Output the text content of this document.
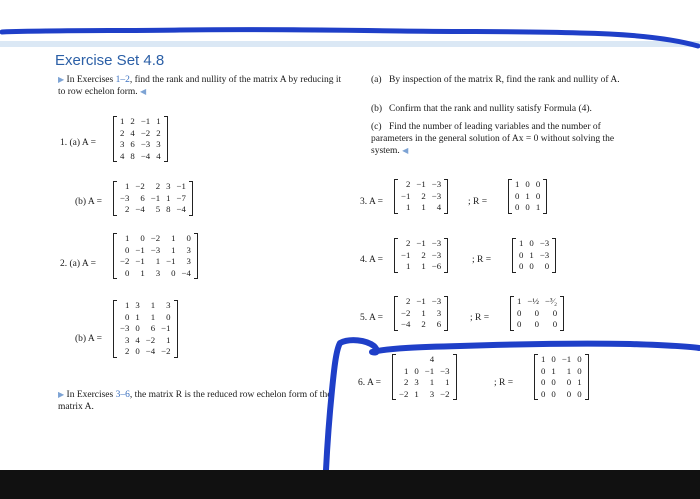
Exercise Set 4.8
▶ In Exercises 1–2, find the rank and nullity of the matrix A by reducing it to row echelon form. ◀
1. (a) A =
1	2	−1	1
2	4	−2	2
3	6	−3	3
4	8	−4	4
(b) A =
1	−2	2	3	−1
−3	6	−1	1	−7
2	−4	5	8	−4
2. (a) A =
1	0	−2	1	0
0	−1	−3	1	3
−2	−1	1	−1	3
0	1	3	0	−4
(b) A =
1	3	1	3
0	1	1	0
−3	0	6	−1
3	4	−2	1
2	0	−4	−2
▶ In Exercises 3–6, the matrix R is the reduced row echelon form of the matrix A.
(a) By inspection of the matrix R, find the rank and nullity of A.
(b) Confirm that the rank and nullity satisfy Formula (4).
(c) Find the number of leading variables and the number of parameters in the general solution of Ax = 0 without solving the system. ◀
3. A =
2	−1	−3
−1	2	−3
1	1	4	; R =
1	0	0
0	1	0
0	0	1
4. A =
2	−1	−3
−1	2	−3
1	1	−6
; R =
1	0	−3
0	1	−3
0	0	0
5. A =
2	−1	−3
−2	1	3
−4	2	6
; R =
1	−½	−³⁄₂
0	0	0
0	0	0
6. A =
		4	
1	0	−1	−3
2	3	1	1
−2	1	3	−2
; R =
1	0	−1	0
0	1	1	0
0	0	0	1
0	0	0	0
